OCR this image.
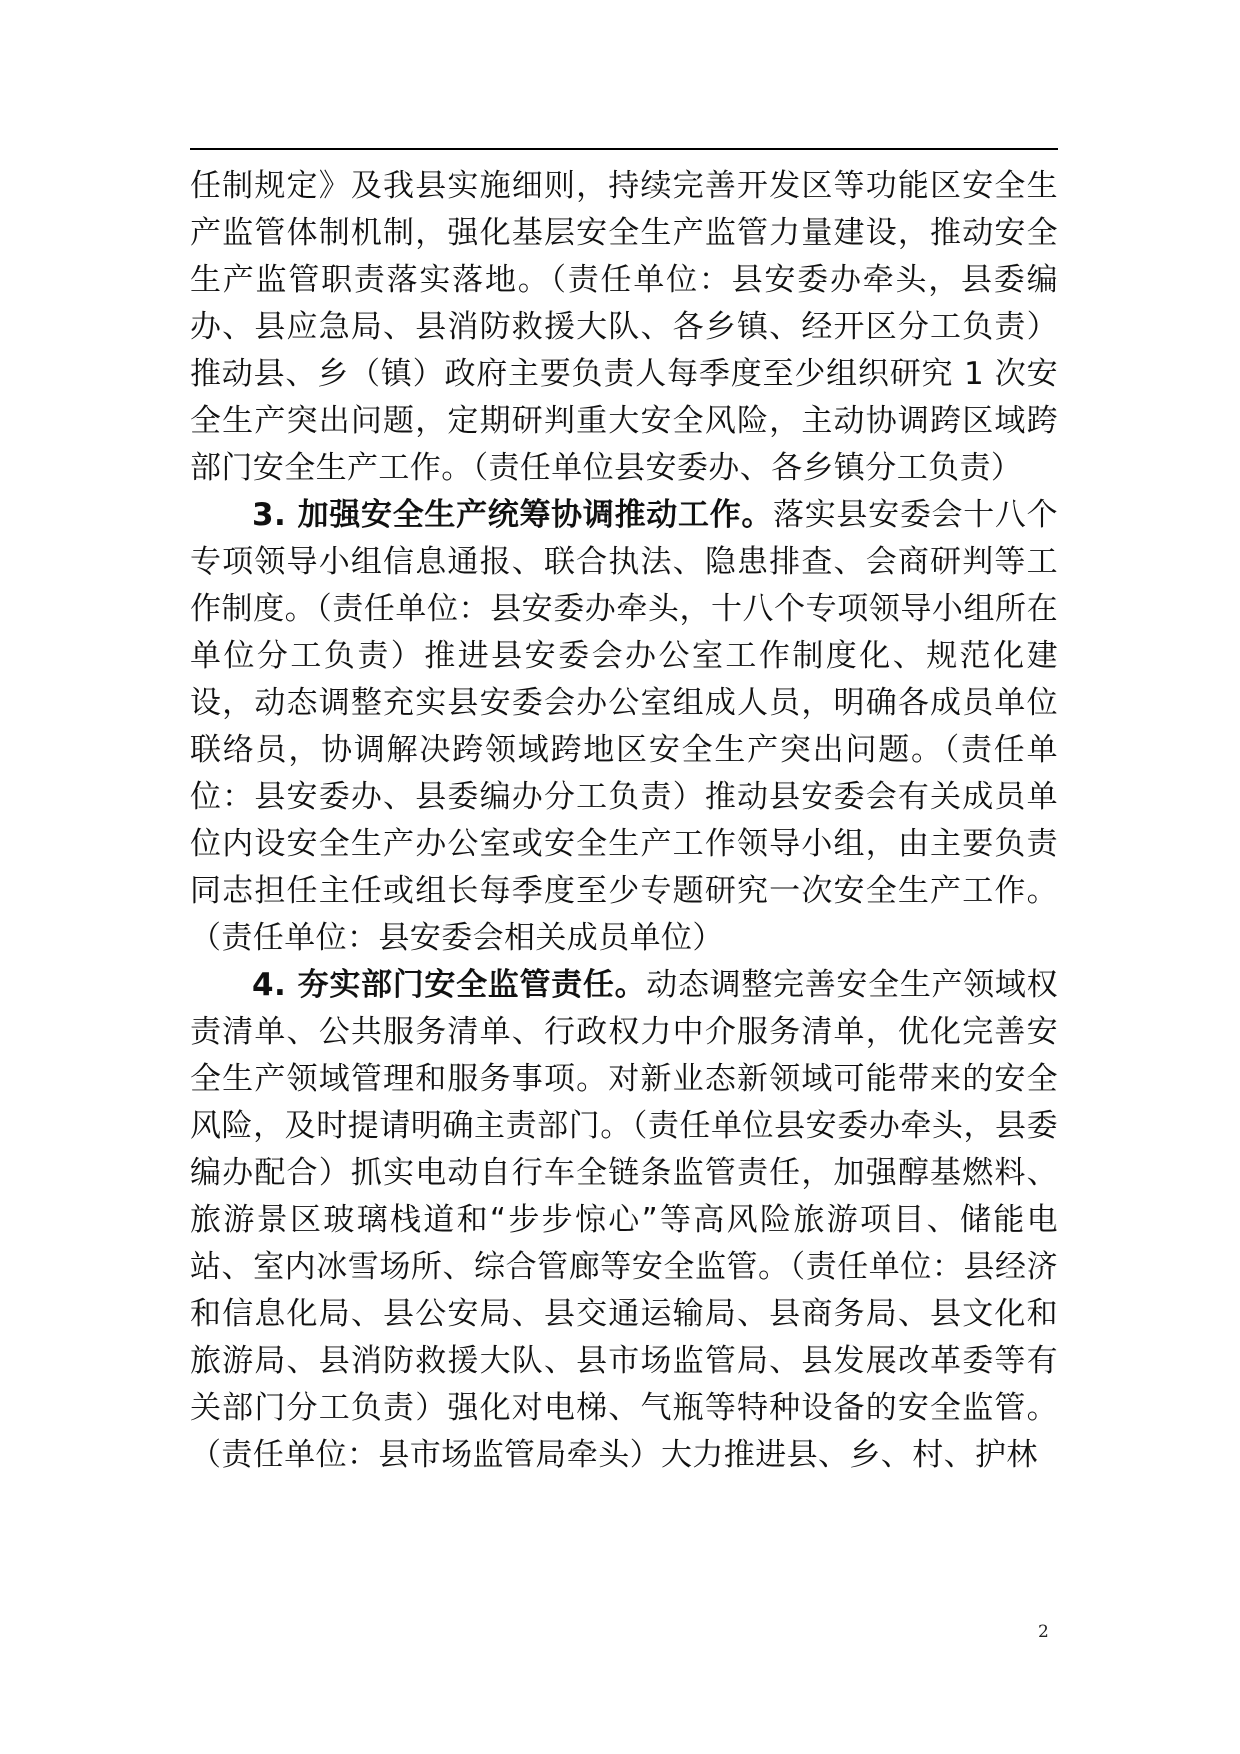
任制规定》及我县实施细则，持续完善开发区等功能区安全生产监管体制机制，强化基层安全生产监管力量建设，推动安全生产监管职责落实落地。（责任单位：县安委办牵头，县委编办、县应急局、县消防救援大队、各乡镇、经开区分工负责）推动县、乡（镇）政府主要负责人每季度至少组织研究 1 次安全生产突出问题，定期研判重大安全风险，主动协调跨区域跨部门安全生产工作。（责任单位县安委办、各乡镇分工负责）

3. 加强安全生产统筹协调推动工作。落实县安委会十八个专项领导小组信息通报、联合执法、隐患排查、会商研判等工作制度。（责任单位：县安委办牵头，十八个专项领导小组所在单位分工负责）推进县安委会办公室工作制度化、规范化建设，动态调整充实县安委会办公室组成人员，明确各成员单位联络员，协调解决跨领域跨地区安全生产突出问题。（责任单位：县安委办、县委编办分工负责）推动县安委会有关成员单位内设安全生产办公室或安全生产工作领导小组，由主要负责同志担任主任或组长每季度至少专题研究一次安全生产工作。（责任单位：县安委会相关成员单位）

4. 夯实部门安全监管责任。动态调整完善安全生产领域权责清单、公共服务清单、行政权力中介服务清单，优化完善安全生产领域管理和服务事项。对新业态新领域可能带来的安全风险，及时提请明确主责部门。（责任单位县安委办牵头，县委编办配合）抓实电动自行车全链条监管责任，加强醇基燃料、旅游景区玻璃栈道和“步步惊心”等高风险旅游项目、储能电站、室内冰雪场所、综合管廊等安全监管。（责任单位：县经济和信息化局、县公安局、县交通运输局、县商务局、县文化和旅游局、县消防救援大队、县市场监管局、县发展改革委等有关部门分工负责）强化对电梯、气瓶等特种设备的安全监管。（责任单位：县市场监管局牵头）大力推进县、乡、村、护林

2
